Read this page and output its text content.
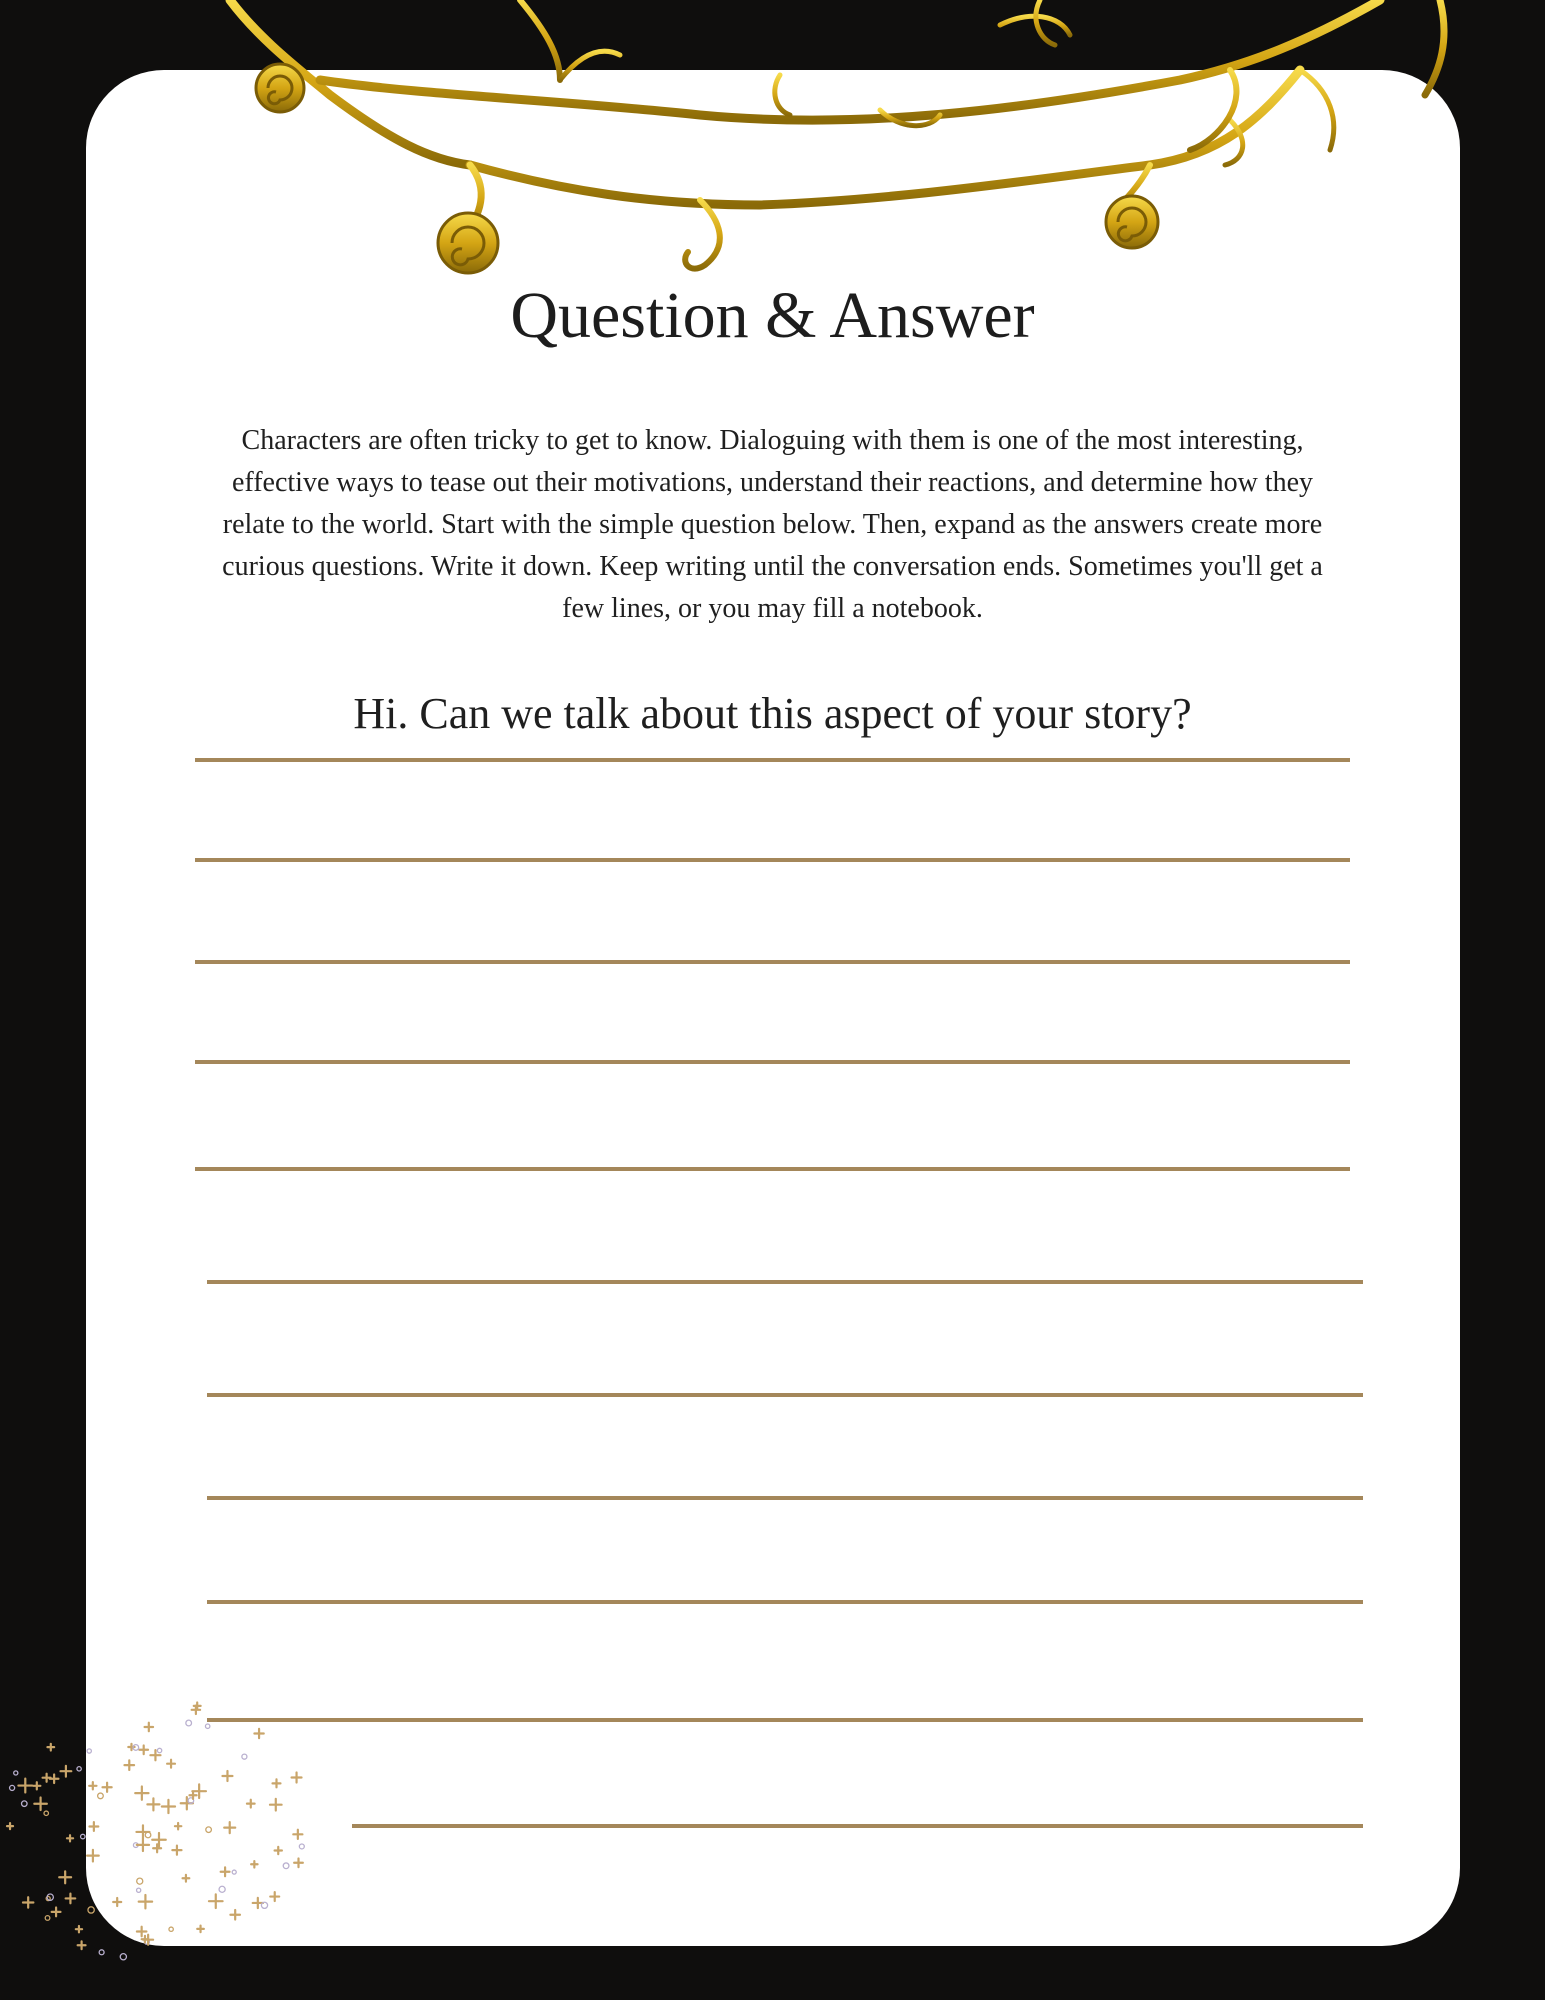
Question & Answer

Characters are often tricky to get to know. Dialoguing with them is one of the most interesting, effective ways to tease out their motivations, understand their reactions, and determine how they relate to the world. Start with the simple question below. Then, expand as the answers create more curious questions. Write it down. Keep writing until the conversation ends. Sometimes you'll get a few lines, or you may fill a notebook.

Hi. Can we talk about this aspect of your story?
